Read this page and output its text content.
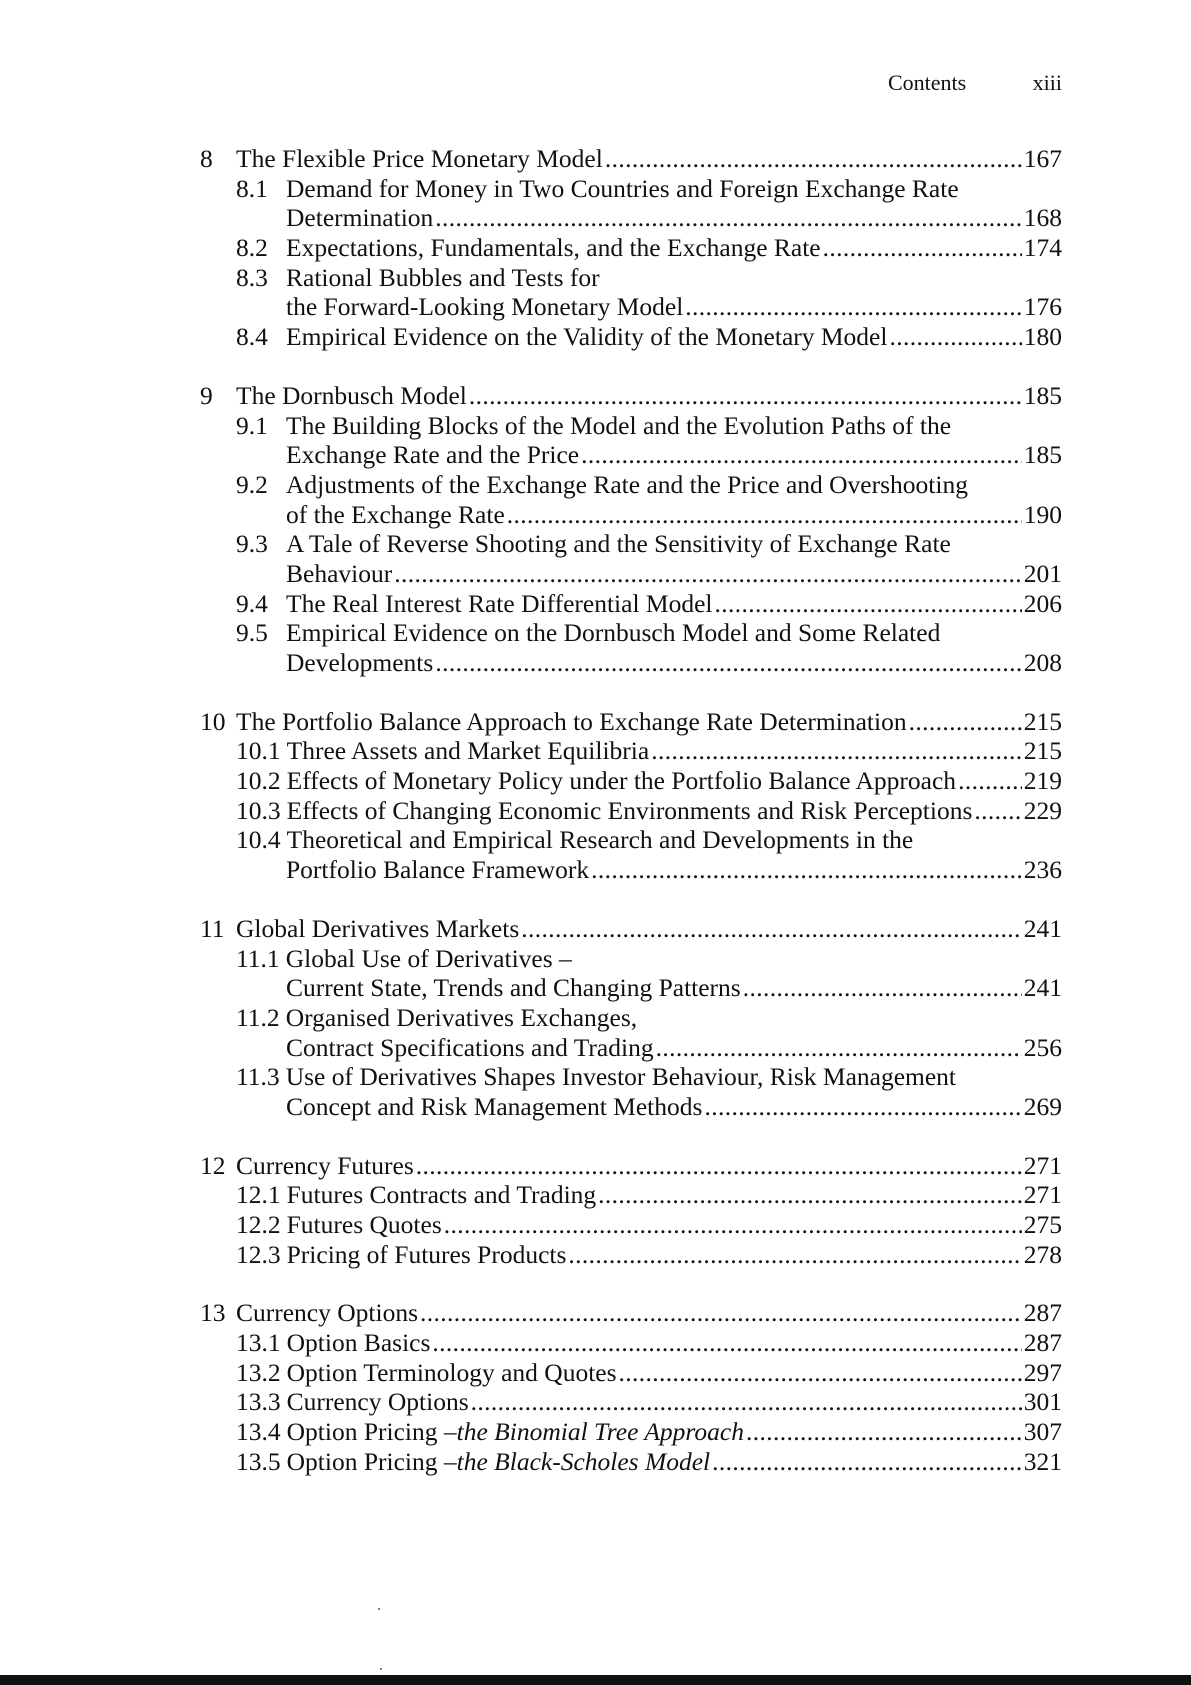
Contents	xiii
8 The Flexible Price Monetary Model . . .	167
8.1 Demand for Money in Two Countries and Foreign Exchange Rate
Determination . . .	168
8.2 Expectations, Fundamentals, and the Exchange Rate . . .	174
8.3 Rational Bubbles and Tests for
the Forward-Looking Monetary Model . . .	176
8.4 Empirical Evidence on the Validity of the Monetary Model . . .	180
9 The Dornbusch Model . . .	185
9.1 The Building Blocks of the Model and the Evolution Paths of the
Exchange Rate and the Price . . .	185
9.2 Adjustments of the Exchange Rate and the Price and Overshooting
of the Exchange Rate . . .	190
9.3 A Tale of Reverse Shooting and the Sensitivity of Exchange Rate
Behaviour . . .	201
9.4 The Real Interest Rate Differential Model . . .	206
9.5 Empirical Evidence on the Dornbusch Model and Some Related
Developments . . .	208
10 The Portfolio Balance Approach to Exchange Rate Determination . . .	215
10.1 Three Assets and Market Equilibria . . .	215
10.2 Effects of Monetary Policy under the Portfolio Balance Approach . . .	219
10.3 Effects of Changing Economic Environments and Risk Perceptions . . . 229
10.4 Theoretical and Empirical Research and Developments in the
Portfolio Balance Framework . . .	236
11 Global Derivatives Markets . . .	241
11.1 Global Use of Derivatives –
Current State, Trends and Changing Patterns . . .	241
11.2 Organised Derivatives Exchanges,
Contract Specifications and Trading . . .	256
11.3 Use of Derivatives Shapes Investor Behaviour, Risk Management
Concept and Risk Management Methods . . .	269
12 Currency Futures . . .	271
12.1 Futures Contracts and Trading . . .	271
12.2 Futures Quotes . . .	275
12.3 Pricing of Futures Products . . .	278
13 Currency Options . . .	287
13.1 Option Basics . . .	287
13.2 Option Terminology and Quotes . . .	297
13.3 Currency Options . . .	301
13.4 Option Pricing – the Binomial Tree Approach . . .	307
13.5 Option Pricing – the Black-Scholes Model . . .	321
